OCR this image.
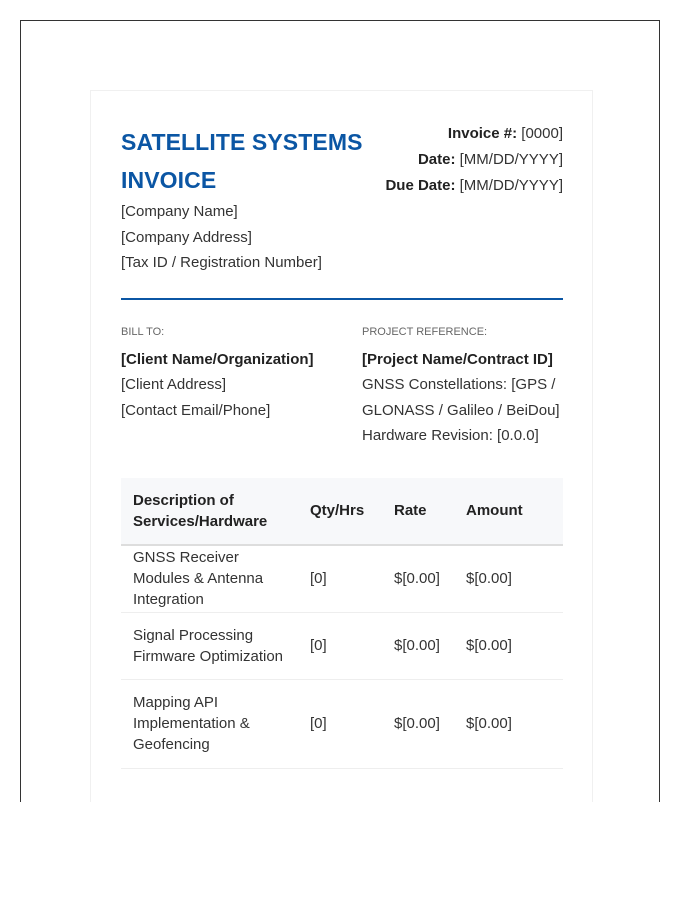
SATELLITE SYSTEMS INVOICE
[Company Name]
[Company Address]
[Tax ID / Registration Number]
Invoice #: [0000]
Date: [MM/DD/YYYY]
Due Date: [MM/DD/YYYY]
BILL TO:
[Client Name/Organization]
[Client Address]
[Contact Email/Phone]
PROJECT REFERENCE:
[Project Name/Contract ID]
GNSS Constellations: [GPS / GLONASS / Galileo / BeiDou]
Hardware Revision: [0.0.0]
Description of Services/Hardware	Qty/Hrs	Rate	Amount
GNSS Receiver Modules & Antenna Integration	[0]	$[0.00]	$[0.00]
Signal Processing Firmware Optimization	[0]	$[0.00]	$[0.00]
Mapping API Implementation & Geofencing	[0]	$[0.00]	$[0.00]
